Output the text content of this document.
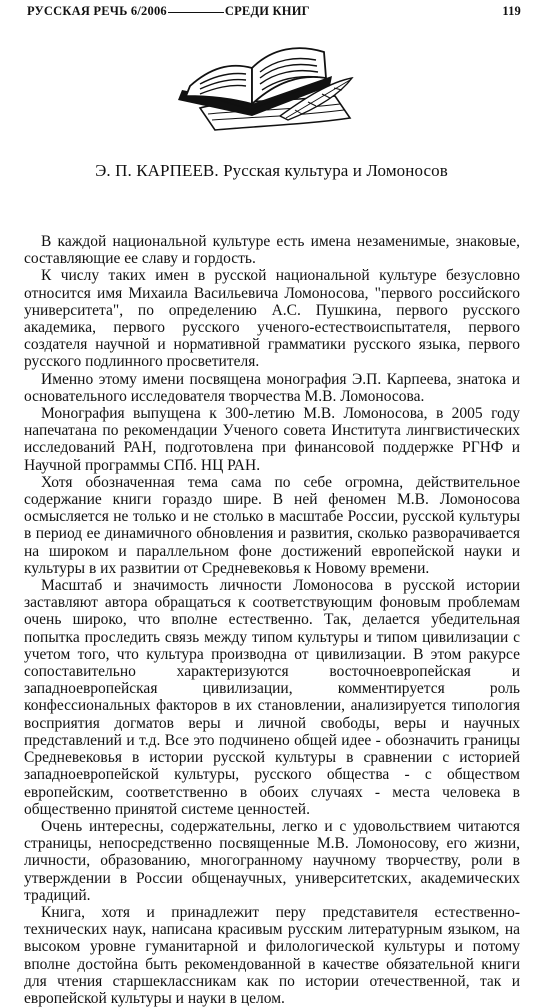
РУССКАЯ РЕЧЬ 6/2006	СРЕДИ КНИГ	119
Э. П. КАРПЕЕВ. Русская культура и Ломоносов

В каждой национальной культуре есть имена незаменимые, знаковые, составляющие ее славу и гордость.

К числу таких имен в русской национальной культуре безусловно относится имя Михаила Васильевича Ломоносова, "первого российского университета", по определению А.С. Пушкина, первого русского академика, первого русского ученого-естествоиспытателя, первого создателя научной и нормативной грамматики русского языка, первого русского подлинного просветителя.

Именно этому имени посвящена монография Э.П. Карпеева, знатока и основательного исследователя творчества М.В. Ломоносова.

Монография выпущена к 300-летию М.В. Ломоносова, в 2005 году напечатана по рекомендации Ученого совета Института лингвистических исследований РАН, подготовлена при финансовой поддержке РГНФ и Научной программы СПб. НЦ РАН.

Хотя обозначенная тема сама по себе огромна, действительное содержание книги гораздо шире. В ней феномен М.В. Ломоносова осмысляется не только и не столько в масштабе России, русской культуры в период ее динамичного обновления и развития, сколько разворачивается на широком и параллельном фоне достижений европейской науки и культуры в их развитии от Средневековья к Новому времени.

Масштаб и значимость личности Ломоносова в русской истории заставляют автора обращаться к соответствующим фоновым проблемам очень широко, что вполне естественно. Так, делается убедительная попытка проследить связь между типом культуры и типом цивилизации с учетом того, что культура производна от цивилизации. В этом ракурсе сопоставительно характеризуются восточноевропейская и западноевропейская цивилизации, комментируется роль конфессиональных факторов в их становлении, анализируется типология восприятия догматов веры и личной свободы, веры и научных представлений и т.д. Все это подчинено общей идее - обозначить границы Средневековья в истории русской культуры в сравнении с историей западноевропейской культуры, русского общества - с обществом европейским, соответственно в обоих случаях - места человека в общественно принятой системе ценностей.

Очень интересны, содержательны, легко и с удовольствием читаются страницы, непосредственно посвященные М.В. Ломоносову, его жизни, личности, образованию, многогранному научному творчеству, роли в утверждении в России общенаучных, университетских, академических традиций.

Книга, хотя и принадлежит перу представителя естественно-технических наук, написана красивым русским литературным языком, на высоком уровне гуманитарной и филологической культуры и потому вполне достойна быть рекомендованной в качестве обязательной книги для чтения старшеклассникам как по истории отечественной, так и европейской культуры и науки в целом.
